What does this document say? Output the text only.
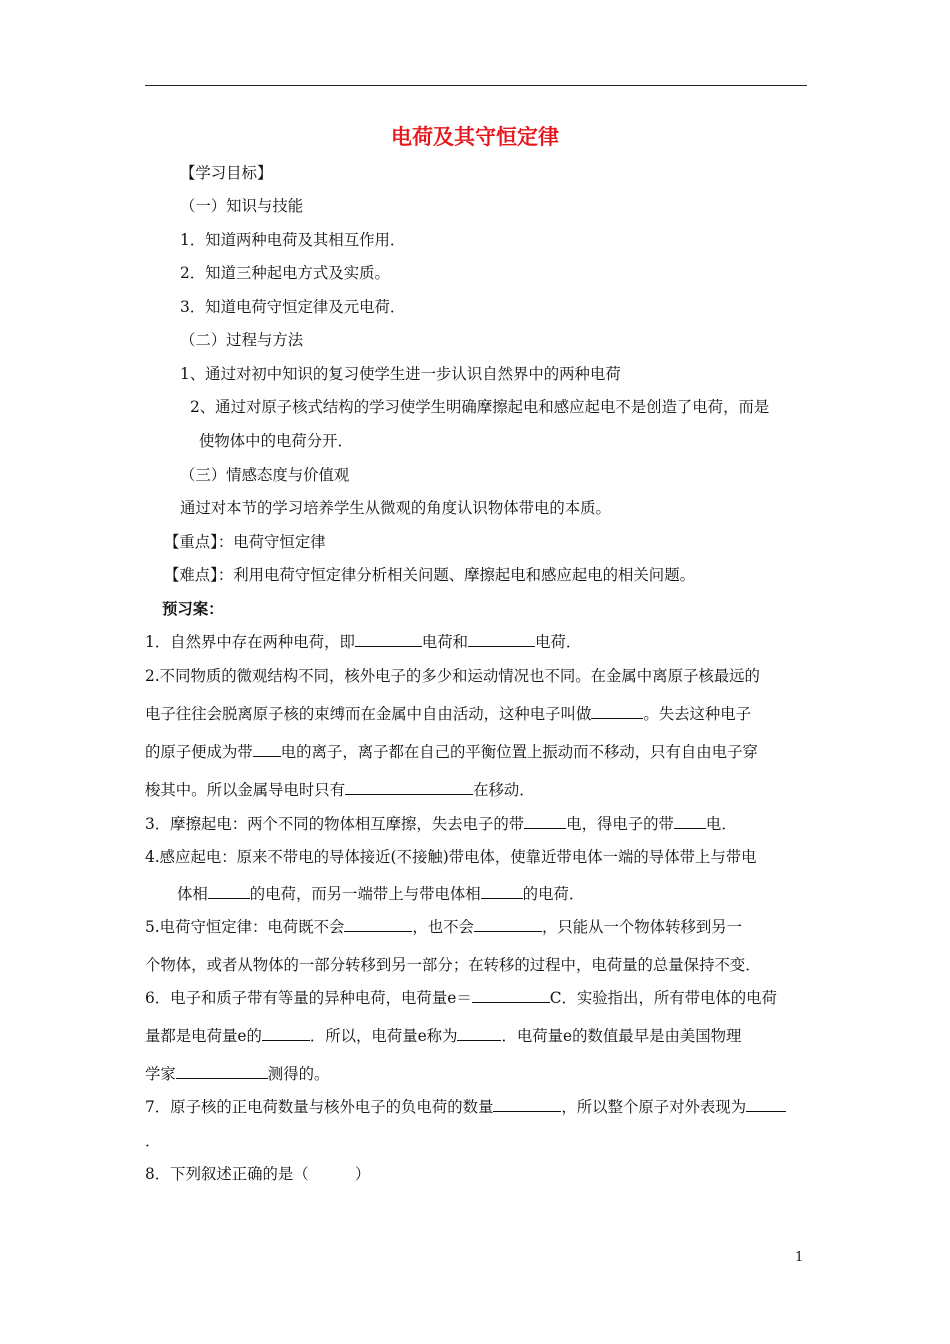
电荷及其守恒定律
【学习目标】
（一）知识与技能
1．知道两种电荷及其相互作用．
2．知道三种起电方式及实质。
3．知道电荷守恒定律及元电荷．
（二）过程与方法
1、通过对初中知识的复习使学生进一步认识自然界中的两种电荷
2、通过对原子核式结构的学习使学生明确摩擦起电和感应起电不是创造了电荷，而是
使物体中的电荷分开．
（三）情感态度与价值观
通过对本节的学习培养学生从微观的角度认识物体带电的本质。
【重点】：电荷守恒定律
【难点】：利用电荷守恒定律分析相关问题、摩擦起电和感应起电的相关问题。
预习案：
1．自然界中存在两种电荷，即	电荷和	电荷．
2.不同物质的微观结构不同，核外电子的多少和运动情况也不同。在金属中离原子核最远的
电子往往会脱离原子核的束缚而在金属中自由活动，这种电子叫做	。失去这种电子
的原子便成为带 电的离子，离子都在自己的平衡位置上振动而不移动，只有自由电子穿
梭其中。所以金属导电时只有	在移动．
3．摩擦起电：两个不同的物体相互摩擦，失去电子的带	电，得电子的带 电．
4.感应起电：原来不带电的导体接近(不接触)带电体，使靠近带电体一端的导体带上与带电
体相	的电荷，而另一端带上与带电体相	的电荷．
5.电荷守恒定律：电荷既不会	，也不会	，只能从一个物体转移到另一
个物体，或者从物体的一部分转移到另一部分；在转移的过程中，电荷量的总量保持不变．
6．电子和质子带有等量的异种电荷，电荷量e＝	C．实验指出，所有带电体的电荷
量都是电荷量e的	．所以，电荷量e称为	．电荷量e的数值最早是由美国物理
学家	测得的。
7．原子核的正电荷数量与核外电子的负电荷的数量	，所以整个原子对外表现为
．
8．下列叙述正确的是（　　　）
1
